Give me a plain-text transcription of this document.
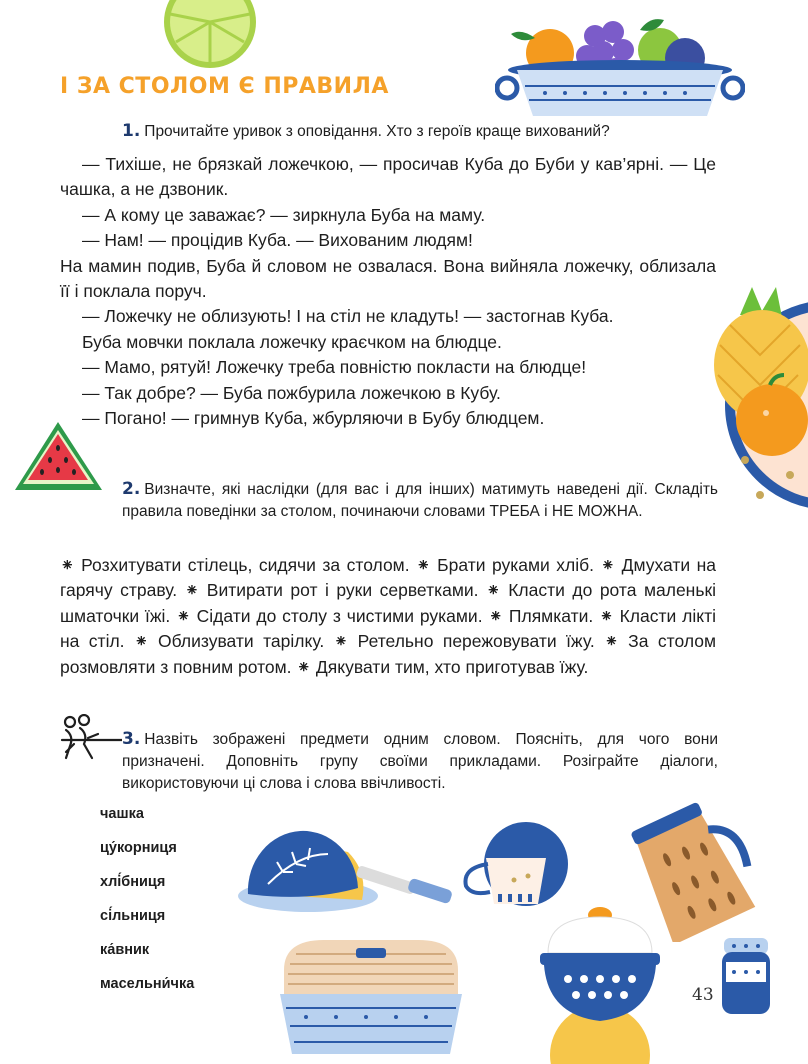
І ЗА СТОЛОМ Є ПРАВИЛА
1. Прочитайте уривок з оповідання. Хто з героїв краще вихований?

— Тихіше, не брязкай ложечкою, — просичав Куба до Буби у кав’ярні. — Це чашка, а не дзвоник.

— А кому це заважає? — зиркнула Буба на маму.

— Нам! — процідив Куба. — Вихованим людям!

На мамин подив, Буба й словом не озвалася. Вона вийняла ложечку, облизала її і поклала поруч.

— Ложечку не облизують! І на стіл не кладуть! — застогнав Куба.

Буба мовчки поклала ложечку краєчком на блюдце.

— Мамо, рятуй! Ложечку треба повністю покласти на блюдце!

— Так добре? — Буба пожбурила ложечкою в Кубу.

— Погано! — гримнув Куба, жбурляючи в Бубу блюдцем.

2. Визначте, які наслідки (для вас і для інших) матимуть наведені дії. Складіть правила поведінки за столом, починаючи словами ТРЕБА і НЕ МОЖНА.
⁕ Розхитувати стілець, сидячи за столом. ⁕ Брати руками хліб. ⁕ Дмухати на гарячу страву. ⁕ Витирати рот і руки серветками. ⁕ Класти до рота маленькі шматочки їжі. ⁕ Сідати до столу з чистими руками. ⁕ Плямкати. ⁕ Класти лікті на стіл. ⁕ Облизувати тарілку. ⁕ Ретельно пережовувати їжу. ⁕ За столом розмовляти з повним ротом. ⁕ Дякувати тим, хто приготував їжу.
3. Назвіть зображені предмети одним словом. Поясніть, для чого вони призначені. Доповніть групу своїми прикладами. Розіграйте діалоги, використовуючи ці слова і слова ввічливості.
чашка
цу́корниця
хлі́бниця
сі́льниця
ка́вник
масельни́чка
43
